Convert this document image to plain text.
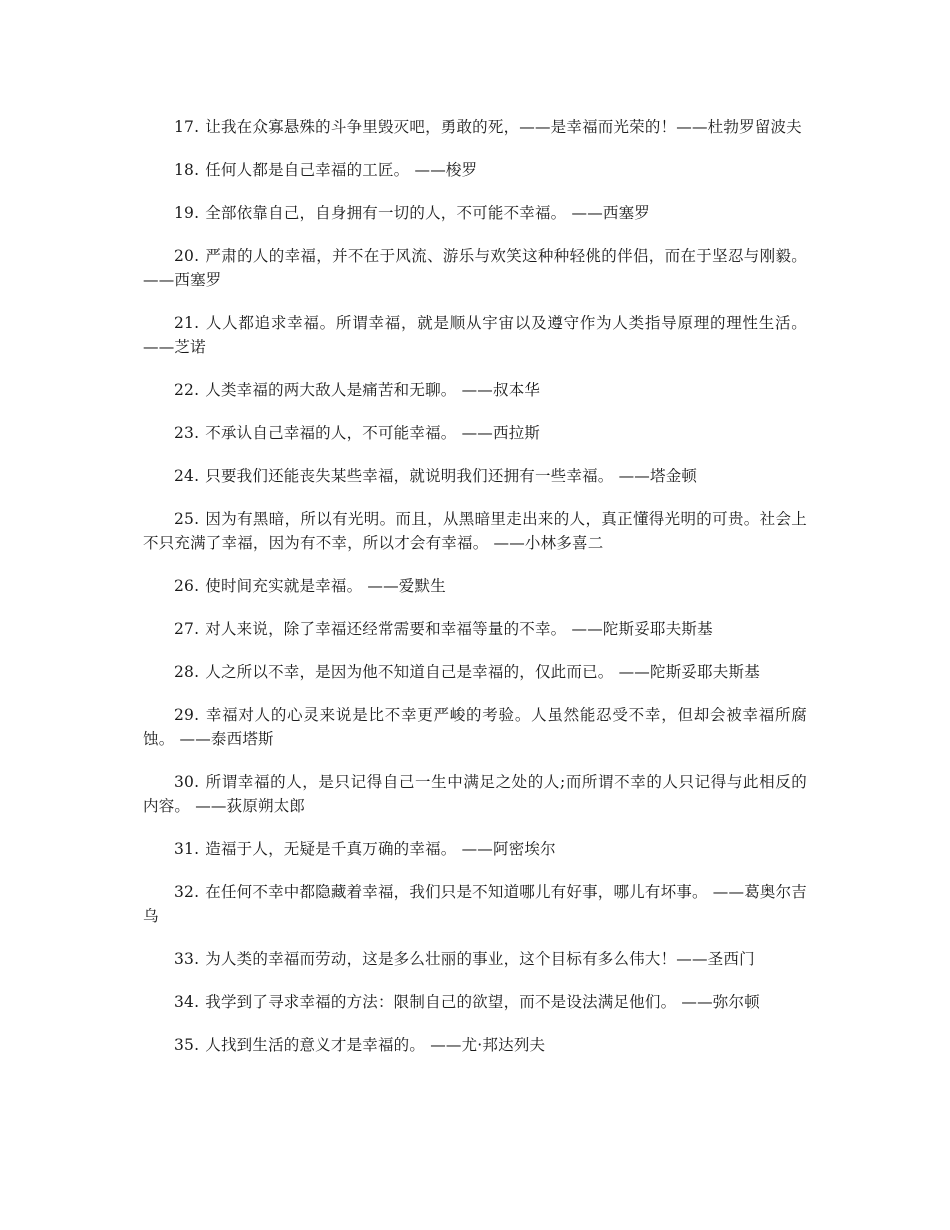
17. 让我在众寡悬殊的斗争里毁灭吧，勇敢的死，——是幸福而光荣的！——杜勃罗留波夫

18. 任何人都是自己幸福的工匠。 ——梭罗

19. 全部依靠自己，自身拥有一切的人，不可能不幸福。 ——西塞罗

20. 严肃的人的幸福，并不在于风流、游乐与欢笑这种种轻佻的伴侣，而在于坚忍与刚毅。 ——西塞罗

21. 人人都追求幸福。所谓幸福，就是顺从宇宙以及遵守作为人类指导原理的理性生活。 ——芝诺

22. 人类幸福的两大敌人是痛苦和无聊。 ——叔本华

23. 不承认自己幸福的人，不可能幸福。 ——西拉斯

24. 只要我们还能丧失某些幸福，就说明我们还拥有一些幸福。 ——塔金顿

25. 因为有黑暗，所以有光明。而且，从黑暗里走出来的人，真正懂得光明的可贵。社会上不只充满了幸福，因为有不幸，所以才会有幸福。 ——小林多喜二

26. 使时间充实就是幸福。 ——爱默生

27. 对人来说，除了幸福还经常需要和幸福等量的不幸。 ——陀斯妥耶夫斯基

28. 人之所以不幸，是因为他不知道自己是幸福的，仅此而已。 ——陀斯妥耶夫斯基

29. 幸福对人的心灵来说是比不幸更严峻的考验。人虽然能忍受不幸，但却会被幸福所腐蚀。 ——泰西塔斯

30. 所谓幸福的人，是只记得自己一生中满足之处的人;而所谓不幸的人只记得与此相反的内容。 ——荻原朔太郎

31. 造福于人，无疑是千真万确的幸福。 ——阿密埃尔

32. 在任何不幸中都隐藏着幸福，我们只是不知道哪儿有好事，哪儿有坏事。 ——葛奥尔吉乌

33. 为人类的幸福而劳动，这是多么壮丽的事业，这个目标有多么伟大！——圣西门

34. 我学到了寻求幸福的方法：限制自己的欲望，而不是设法满足他们。 ——弥尔顿

35. 人找到生活的意义才是幸福的。 ——尤·邦达列夫
